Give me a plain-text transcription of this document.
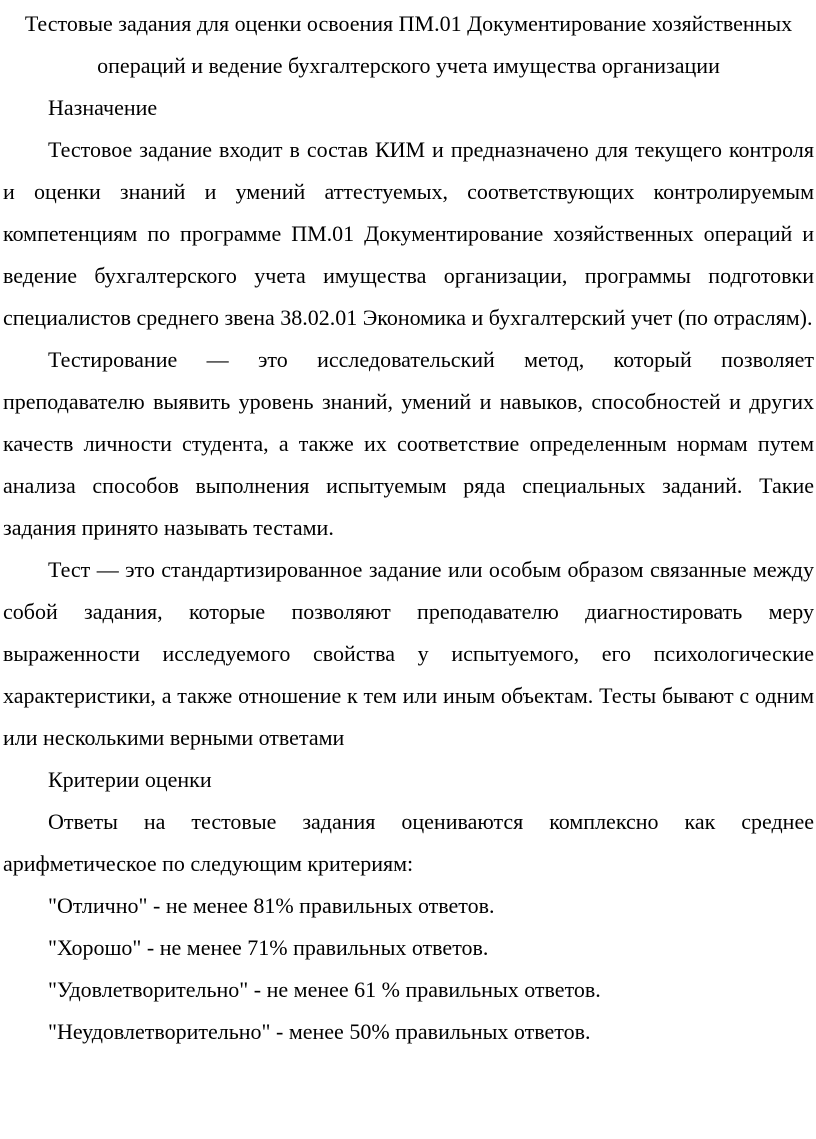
Тестовые задания для оценки освоения ПМ.01 Документирование хозяйственных операций и ведение бухгалтерского учета имущества организации

Назначение

Тестовое задание входит в состав КИМ и предназначено для текущего контроля и оценки знаний и умений аттестуемых, соответствующих контролируемым компетенциям по программе ПМ.01 Документирование хозяйственных операций и ведение бухгалтерского учета имущества организации, программы подготовки специалистов среднего звена 38.02.01 Экономика и бухгалтерский учет (по отраслям).

Тестирование — это исследовательский метод, который позволяет преподавателю выявить уровень знаний, умений и навыков, способностей и других качеств личности студента, а также их соответствие определенным нормам путем анализа способов выполнения испытуемым ряда специальных заданий. Такие задания принято называть тестами.

Тест — это стандартизированное задание или особым образом связанные между собой задания, которые позволяют преподавателю диагностировать меру выраженности исследуемого свойства у испытуемого, его психологические характеристики, а также отношение к тем или иным объектам. Тесты бывают с одним или несколькими верными ответами

Критерии оценки

Ответы на тестовые задания оцениваются комплексно как среднее арифметическое по следующим критериям:

"Отлично" - не менее 81% правильных ответов.

"Хорошо" - не менее 71% правильных ответов.

"Удовлетворительно" - не менее 61 % правильных ответов.

"Неудовлетворительно" - менее 50% правильных ответов.
